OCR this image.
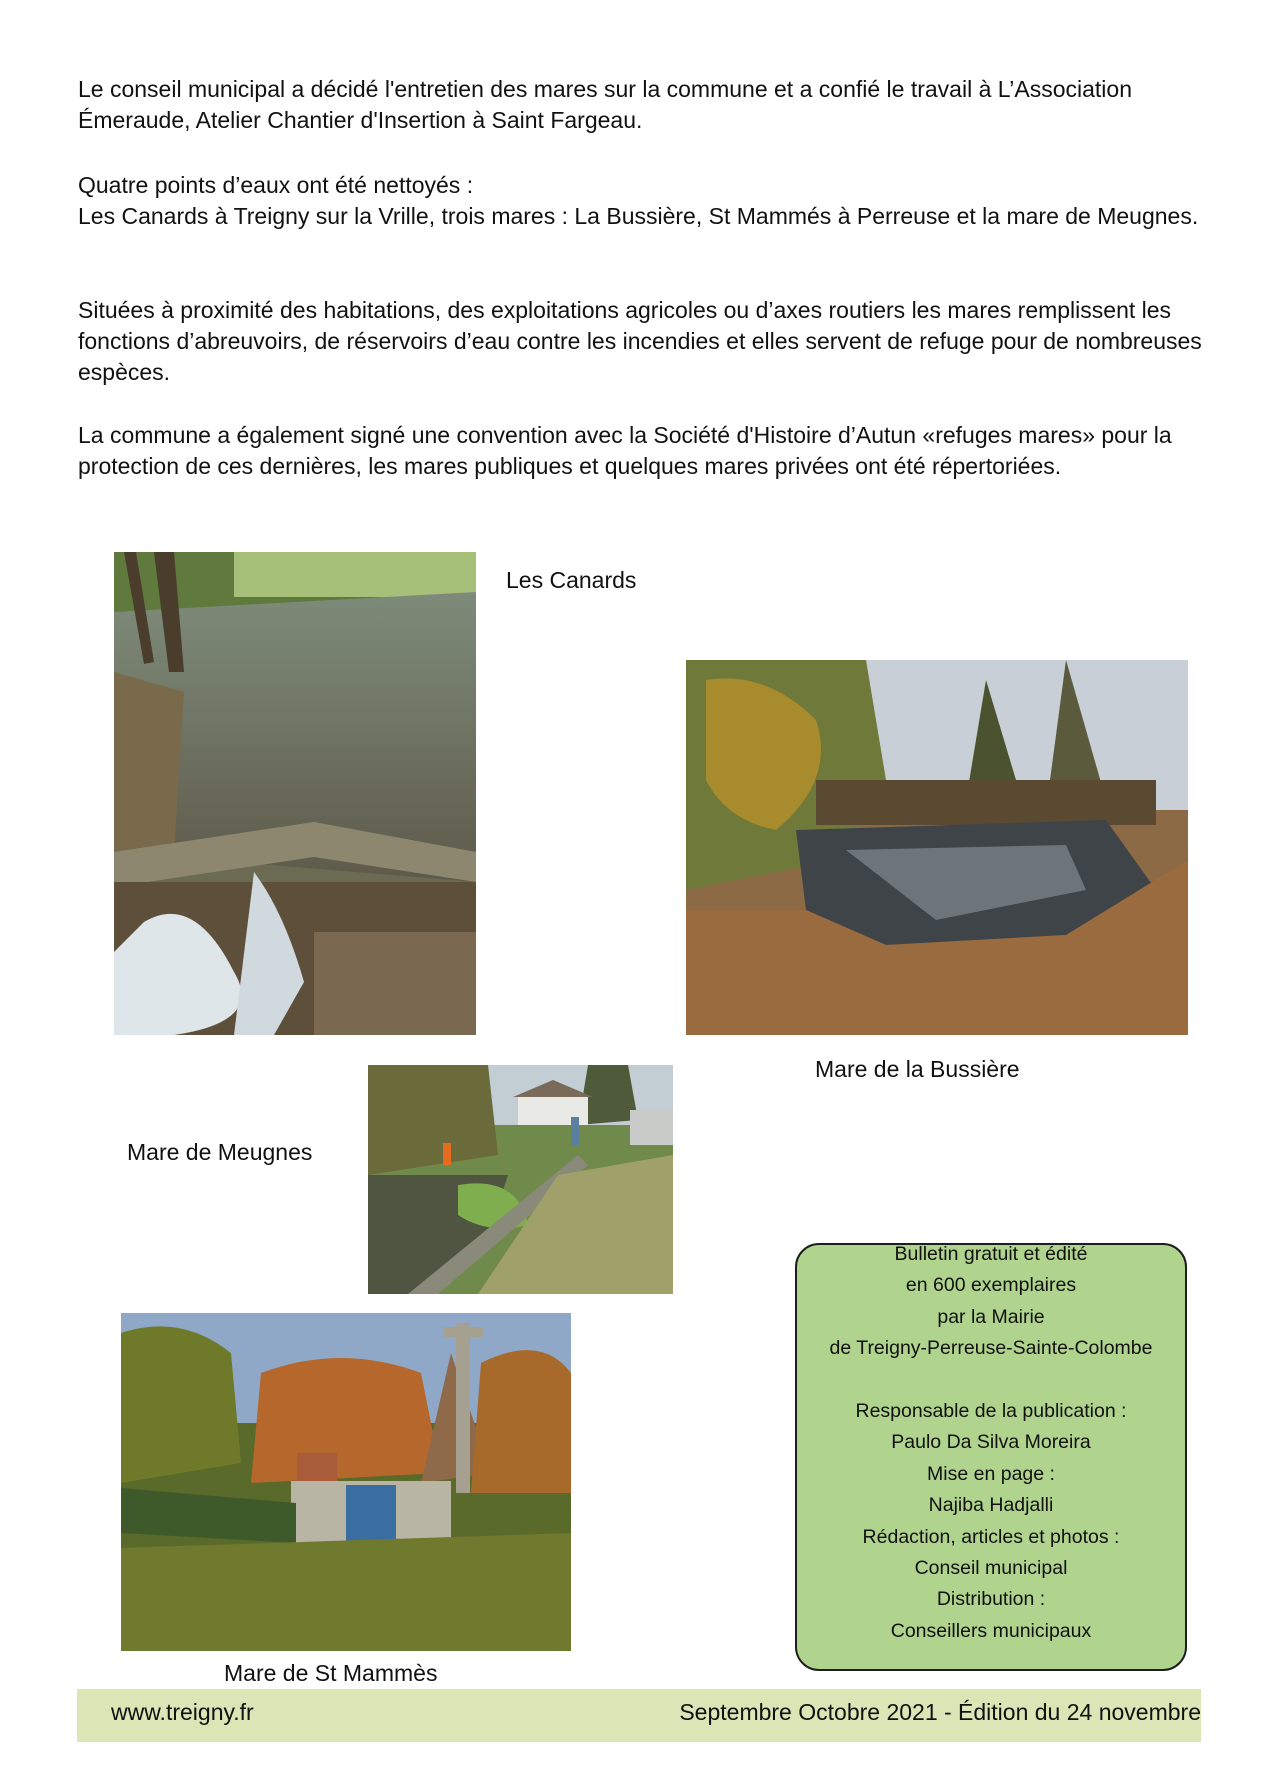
Le conseil municipal a décidé l'entretien des mares sur la commune et a confié le travail à L’Association Émeraude, Atelier Chantier d'Insertion à Saint Fargeau.

Quatre points d’eaux ont été nettoyés :
Les Canards à Treigny sur la Vrille, trois mares : La Bussière, St Mammés à Perreuse et la mare de Meugnes.

Situées à proximité des habitations, des exploitations agricoles ou d’axes routiers les mares remplissent les fonctions d’abreuvoirs, de réservoirs d’eau contre les incendies et elles servent de refuge pour de nombreuses espèces.

La commune a également signé une convention avec la Société d'Histoire d’Autun «refuges mares» pour la protection de ces dernières, les mares publiques et quelques mares privées ont été répertoriées.

Les Canards
Mare de la Bussière
Mare de Meugnes
Mare de St Mammès
Bulletin gratuit et édité
en 600 exemplaires
par la Mairie
de Treigny-Perreuse-Sainte-Colombe
Responsable de la publication :
Paulo Da Silva Moreira
Mise en page :
Najiba Hadjalli
Rédaction, articles et photos :
Conseil municipal
Distribution :
Conseillers municipaux
www.treigny.fr	Septembre Octobre 2021 - Édition du 24 novembre
